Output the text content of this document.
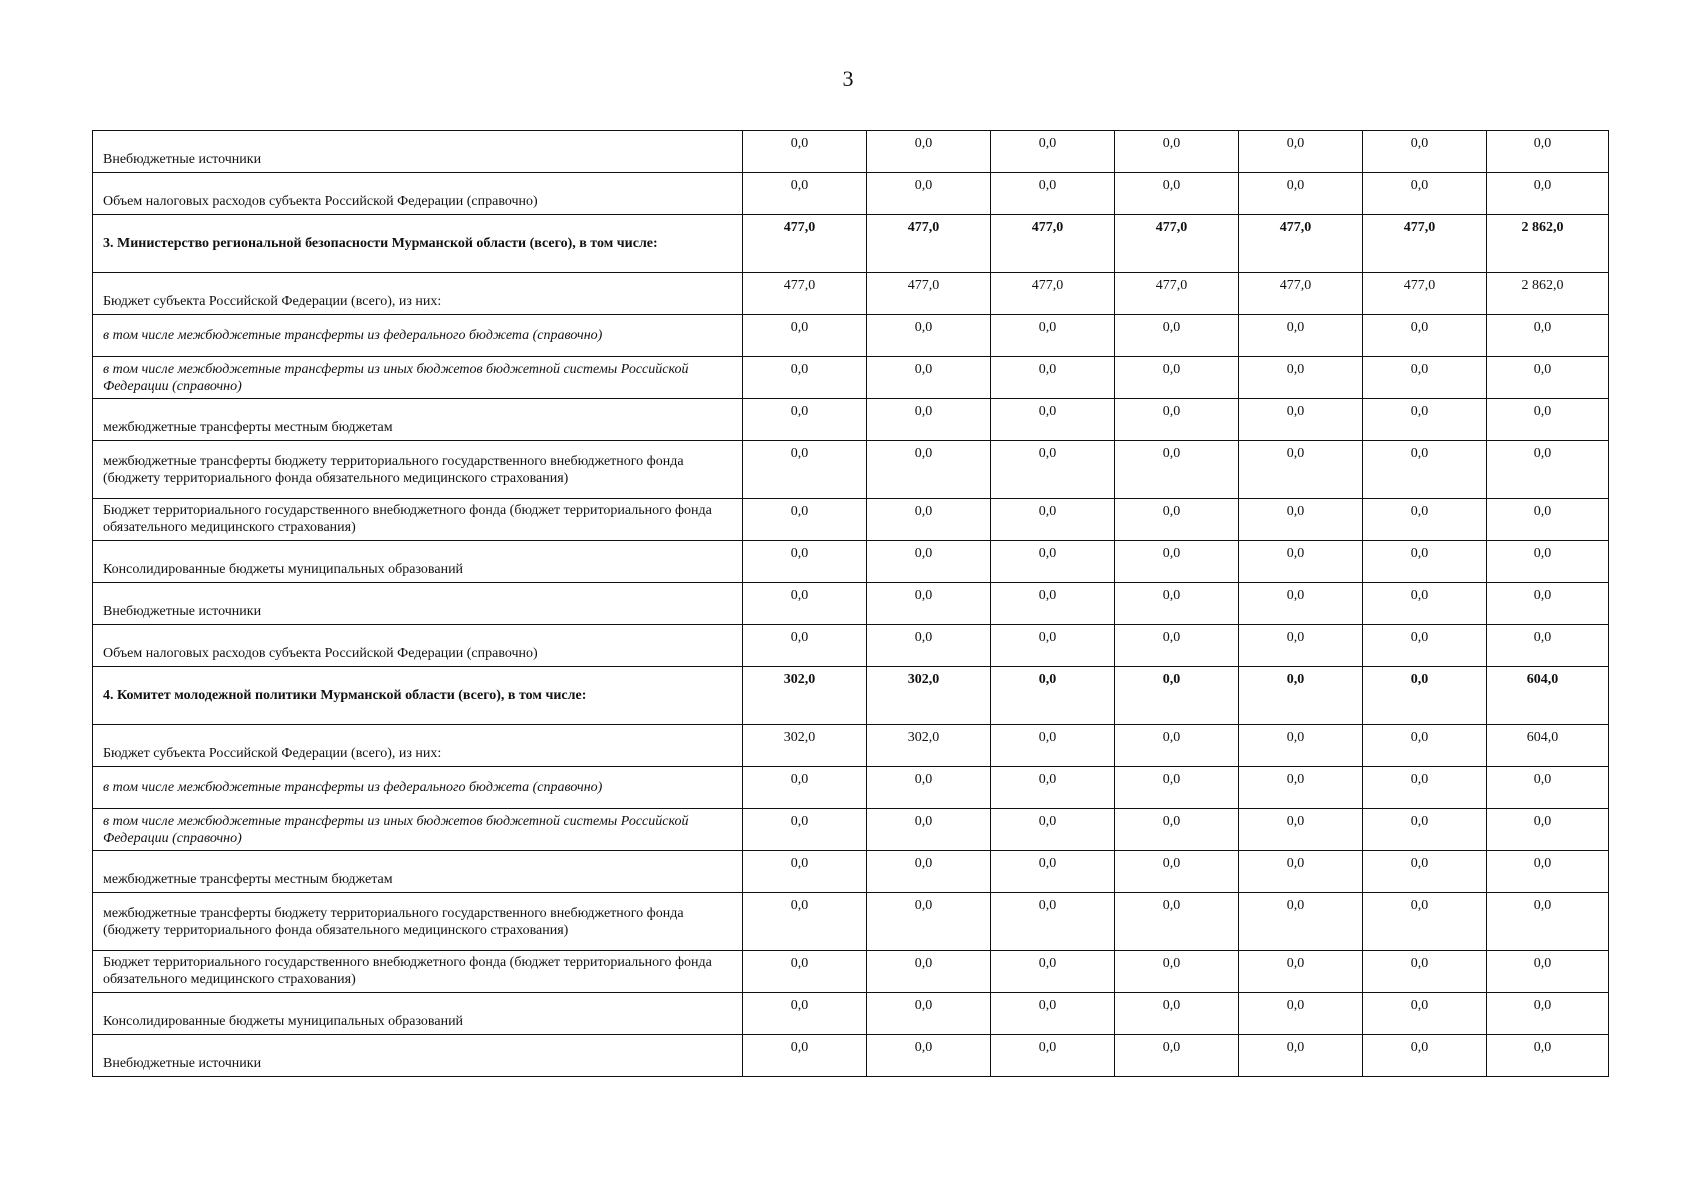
3
Внебюджетные источники	0,0	0,0	0,0	0,0	0,0	0,0	0,0
Объем налоговых расходов субъекта Российской Федерации (справочно)	0,0	0,0	0,0	0,0	0,0	0,0	0,0
3. Министерство региональной безопасности Мурманской области (всего), в том числе:	477,0	477,0	477,0	477,0	477,0	477,0	2 862,0
Бюджет субъекта Российской Федерации (всего), из них:	477,0	477,0	477,0	477,0	477,0	477,0	2 862,0
в том числе межбюджетные трансферты из федерального бюджета (справочно)	0,0	0,0	0,0	0,0	0,0	0,0	0,0
в том числе межбюджетные трансферты из иных бюджетов бюджетной системы Российской Федерации (справочно)	0,0	0,0	0,0	0,0	0,0	0,0	0,0
межбюджетные трансферты местным бюджетам	0,0	0,0	0,0	0,0	0,0	0,0	0,0
межбюджетные трансферты бюджету территориального государственного внебюджетного фонда (бюджету территориального фонда обязательного медицинского страхования)	0,0	0,0	0,0	0,0	0,0	0,0	0,0
Бюджет территориального государственного внебюджетного фонда (бюджет территориального фонда обязательного медицинского страхования)	0,0	0,0	0,0	0,0	0,0	0,0	0,0
Консолидированные бюджеты муниципальных образований	0,0	0,0	0,0	0,0	0,0	0,0	0,0
Внебюджетные источники	0,0	0,0	0,0	0,0	0,0	0,0	0,0
Объем налоговых расходов субъекта Российской Федерации (справочно)	0,0	0,0	0,0	0,0	0,0	0,0	0,0
4. Комитет молодежной политики Мурманской области (всего), в том числе:	302,0	302,0	0,0	0,0	0,0	0,0	604,0
Бюджет субъекта Российской Федерации (всего), из них:	302,0	302,0	0,0	0,0	0,0	0,0	604,0
в том числе межбюджетные трансферты из федерального бюджета (справочно)	0,0	0,0	0,0	0,0	0,0	0,0	0,0
в том числе межбюджетные трансферты из иных бюджетов бюджетной системы Российской Федерации (справочно)	0,0	0,0	0,0	0,0	0,0	0,0	0,0
межбюджетные трансферты местным бюджетам	0,0	0,0	0,0	0,0	0,0	0,0	0,0
межбюджетные трансферты бюджету территориального государственного внебюджетного фонда (бюджету территориального фонда обязательного медицинского страхования)	0,0	0,0	0,0	0,0	0,0	0,0	0,0
Бюджет территориального государственного внебюджетного фонда (бюджет территориального фонда обязательного медицинского страхования)	0,0	0,0	0,0	0,0	0,0	0,0	0,0
Консолидированные бюджеты муниципальных образований	0,0	0,0	0,0	0,0	0,0	0,0	0,0
Внебюджетные источники	0,0	0,0	0,0	0,0	0,0	0,0	0,0
